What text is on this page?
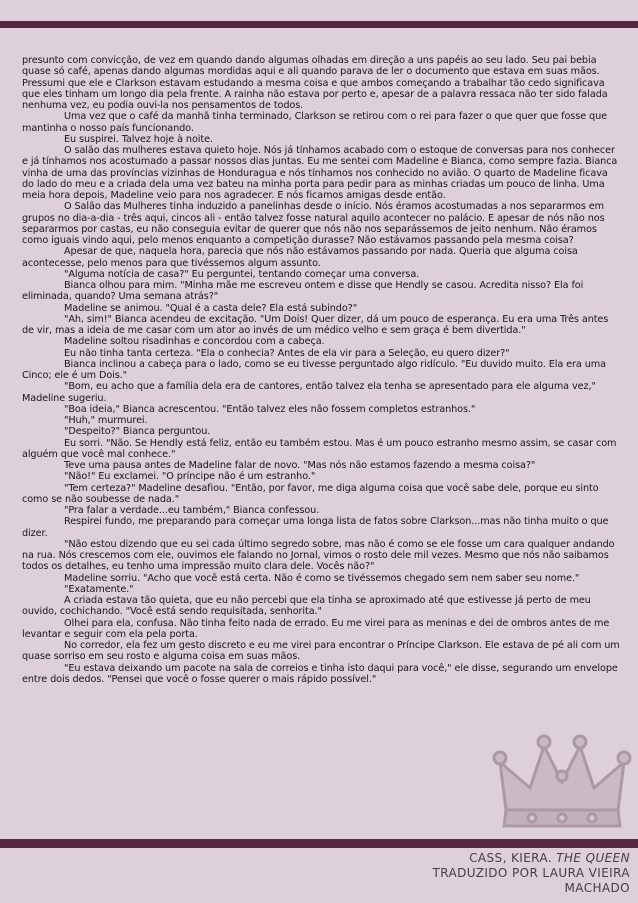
presunto com convicção, de vez em quando dando algumas olhadas em direção a uns papéis ao seu lado. Seu pai bebia quase só café, apenas dando algumas mordidas aqui e ali quando parava de ler o documento que estava em suas mãos. Pressumi que ele e Clarkson estavam estudando a mesma coisa e que ambos começando a trabalhar tão cedo significava que eles tinham um longo dia pela frente. A rainha não estava por perto e, apesar de a palavra ressaca não ter sido falada nenhuma vez, eu podia ouvi-la nos pensamentos de todos.

Uma vez que o café da manhã tinha terminado, Clarkson se retirou com o rei para fazer o que quer que fosse que mantinha o nosso país funcionando.

Eu suspirei. Talvez hoje à noite.

O salão das mulheres estava quieto hoje. Nós já tínhamos acabado com o estoque de conversas para nos conhecer e já tínhamos nos acostumado a passar nossos dias juntas. Eu me sentei com Madeline e Bianca, como sempre fazia. Bianca vinha de uma das províncias vizinhas de Honduragua e nós tínhamos nos conhecido no avião. O quarto de Madeline ficava do lado do meu e a criada dela uma vez bateu na minha porta para pedir para as minhas criadas um pouco de linha. Uma meia hora depois, Madeline veio para nos agradecer. E nós ficamos amigas desde então.

O Salão das Mulheres tinha induzido a panelinhas desde o início. Nós éramos acostumadas a nos separarmos em grupos no dia-a-dia - três aqui, cincos ali - então talvez fosse natural aquilo acontecer no palácio. E apesar de nós não nos separarmos por castas, eu não conseguia evitar de querer que nós não nos separássemos de jeito nenhum. Não éramos como iguais vindo aqui, pelo menos enquanto a competição durasse? Não estávamos passando pela mesma coisa?

Apesar de que, naquela hora, parecia que nós não estávamos passando por nada. Queria que alguma coisa acontecesse, pelo menos para que tivéssemos algum assunto.

"Alguma notícia de casa?" Eu perguntei, tentando começar uma conversa.

Bianca olhou para mim. "Minha mãe me escreveu ontem e disse que Hendly se casou. Acredita nisso? Ela foi eliminada, quando? Uma semana atrás?"

Madeline se animou. "Qual é a casta dele? Ela está subindo?"

"Ah, sim!" Bianca acendeu de excitação. "Um Dois! Quer dizer, dá um pouco de esperança. Eu era uma Três antes de vir, mas a ideia de me casar com um ator ao invés de um médico velho e sem graça é bem divertida."

Madeline soltou risadinhas e concordou com a cabeça.

Eu não tinha tanta certeza. "Ela o conhecia? Antes de ela vir para a Seleção, eu quero dizer?"

Bianca inclinou a cabeça para o lado, como se eu tivesse perguntado algo ridículo. "Eu duvido muito. Ela era uma Cinco; ele é um Dois."

"Bom, eu acho que a família dela era de cantores, então talvez ela tenha se apresentado para ele alguma vez," Madeline sugeriu.

"Boa ideia," Bianca acrescentou. "Então talvez eles não fossem completos estranhos."

"Huh," murmurei.

"Despeito?" Bianca perguntou.

Eu sorri. "Não. Se Hendly está feliz, então eu também estou. Mas é um pouco estranho mesmo assim, se casar com alguém que você mal conhece."

Teve uma pausa antes de Madeline falar de novo. "Mas nós não estamos fazendo a mesma coisa?"

"Não!" Eu exclamei. "O príncipe não é um estranho."

"Tem certeza?" Madeline desafiou. "Então, por favor, me diga alguma coisa que você sabe dele, porque eu sinto como se não soubesse de nada."

"Pra falar a verdade...eu também," Bianca confessou.

Respirei fundo, me preparando para começar uma longa lista de fatos sobre Clarkson...mas não tinha muito o que dizer.

"Não estou dizendo que eu sei cada último segredo sobre, mas não é como se ele fosse um cara qualquer andando na rua. Nós crescemos com ele, ouvimos ele falando no Jornal, vimos o rosto dele mil vezes. Mesmo que nós não saibamos todos os detalhes, eu tenho uma impressão muito clara dele. Vocês não?"

Madeline sorriu. "Acho que você está certa. Não é como se tivéssemos chegado sem nem saber seu nome."

"Exatamente."

A criada estava tão quieta, que eu não percebi que ela tinha se aproximado até que estivesse já perto de meu ouvido, cochichando. "Você está sendo requisitada, senhorita."

Olhei para ela, confusa. Não tinha feito nada de errado. Eu me virei para as meninas e dei de ombros antes de me levantar e seguir com ela pela porta.

No corredor, ela fez um gesto discreto e eu me virei para encontrar o Príncipe Clarkson. Ele estava de pé ali com um quase sorriso em seu rosto e alguma coisa em suas mãos.

"Eu estava deixando um pacote na sala de correios e tinha isto daqui para você," ele disse, segurando um envelope entre dois dedos. "Pensei que você o fosse querer o mais rápido possível."

CASS, KIERA. THE QUEEN
TRADUZIDO POR LAURA VIEIRA MACHADO
